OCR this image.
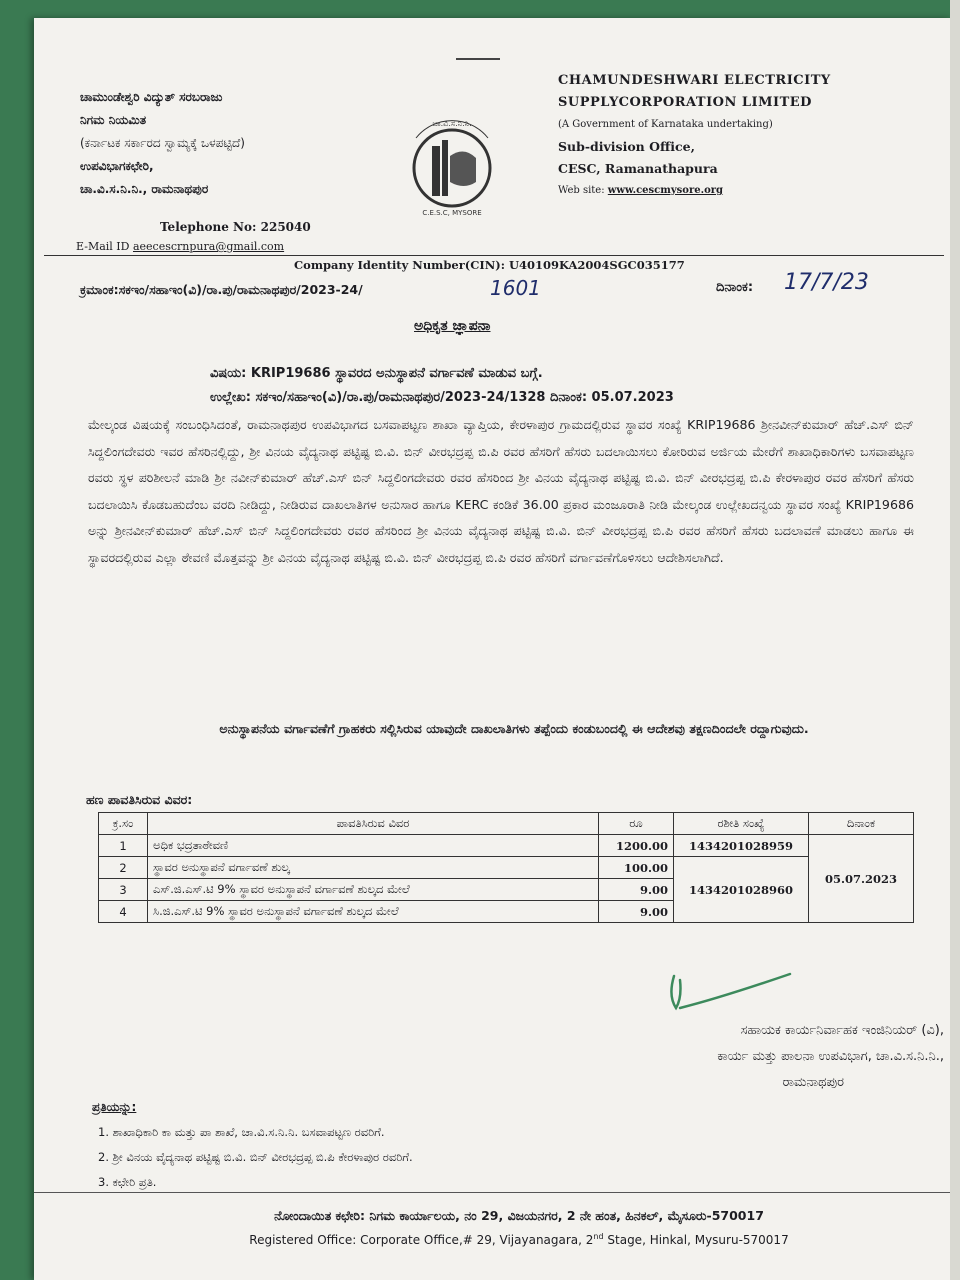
ಚಾಮುಂಡೇಶ್ವರಿ ವಿದ್ಯುತ್ ಸರಬರಾಜು
ನಿಗಮ ನಿಯಮಿತ
(ಕರ್ನಾಟಕ ಸರ್ಕಾರದ ಸ್ವಾಮ್ಯಕ್ಕೆ ಒಳಪಟ್ಟಿದೆ)
ಉಪವಿಭಾಗಕಛೇರಿ,
ಚಾ.ವಿ.ಸ.ನಿ.ನಿ., ರಾಮನಾಥಪುರ
ಚಾ.ವಿ.ಸ.ನಿ.ನಿ.
C.E.S.C, MYSORE
CHAMUNDESHWARI ELECTRICITY
SUPPLYCORPORATION LIMITED
(A Government of Karnataka undertaking)
Sub-division Office,
CESC, Ramanathapura
Web site: www.cescmysore.org
Telephone No: 225040
E-Mail ID aeecescrnpura@gmail.com
Company Identity Number(CIN): U40109KA2004SGC035177
ಕ್ರಮಾಂಕ:ಸಕಇಂ/ಸಹಾಇಂ(ವಿ)/ರಾ.ಪು/ರಾಮನಾಥಪುರ/2023-24/	1601	ದಿನಾಂಕ: 17/7/23
ಅಧಿಕೃತ ಜ್ಞಾಪನಾ
ವಿಷಯ: KRIP19686 ಸ್ಥಾವರದ ಅನುಸ್ಥಾಪನೆ ವರ್ಗಾವಣೆ ಮಾಡುವ ಬಗ್ಗೆ.
ಉಲ್ಲೇಖ: ಸಕಇಂ/ಸಹಾಇಂ(ವಿ)/ರಾ.ಪು/ರಾಮನಾಥಪುರ/2023-24/1328 ದಿನಾಂಕ: 05.07.2023
ಮೇಲ್ಕಂಡ ವಿಷಯಕ್ಕೆ ಸಂಬಂಧಿಸಿದಂತೆ, ರಾಮನಾಥಪುರ ಉಪವಿಭಾಗದ ಬಸವಾಪಟ್ಟಣ ಶಾಖಾ ವ್ಯಾಪ್ತಿಯ, ಕೇರಳಾಪುರ ಗ್ರಾಮದಲ್ಲಿರುವ ಸ್ಥಾವರ ಸಂಖ್ಯೆ KRIP19686 ಶ್ರೀನವೀನ್‌ಕುಮಾರ್ ಹೆಚ್.ಎಸ್ ಬಿನ್ ಸಿದ್ದಲಿಂಗದೇವರು ಇವರ ಹೆಸರಿನಲ್ಲಿದ್ದು, ಶ್ರೀ ವಿನಯ ವೈದ್ಯನಾಥ ಪಟ್ಟಿಷ್ಟ ಬಿ.ವಿ. ಬಿನ್ ವೀರಭದ್ರಪ್ಪ ಬಿ.ಪಿ ರವರ ಹೆಸರಿಗೆ ಹೆಸರು ಬದಲಾಯಿಸಲು ಕೋರಿರುವ ಅರ್ಜಿಯ ಮೇರೆಗೆ ಶಾಖಾಧಿಕಾರಿಗಳು ಬಸವಾಪಟ್ಟಣ ರವರು ಸ್ಥಳ ಪರಿಶೀಲನೆ ಮಾಡಿ ಶ್ರೀ ನವೀನ್‌ಕುಮಾರ್ ಹೆಚ್.ಎಸ್ ಬಿನ್ ಸಿದ್ದಲಿಂಗದೇವರು ರವರ ಹೆಸರಿಂದ ಶ್ರೀ ವಿನಯ ವೈದ್ಯನಾಥ ಪಟ್ಟಿಷ್ಟ ಬಿ.ವಿ. ಬಿನ್ ವೀರಭದ್ರಪ್ಪ ಬಿ.ಪಿ ಕೇರಳಾಪುರ ರವರ ಹೆಸರಿಗೆ ಹೆಸರು ಬದಲಾಯಿಸಿ ಕೊಡಬಹುದೆಂಬ ವರದಿ ನೀಡಿದ್ದು, ನೀಡಿರುವ ದಾಖಲಾತಿಗಳ ಅನುಸಾರ ಹಾಗೂ KERC ಕಂಡಿಕೆ 36.00 ಪ್ರಕಾರ ಮಂಜೂರಾತಿ ನೀಡಿ ಮೇಲ್ಕಂಡ ಉಲ್ಲೇಖದನ್ವಯ ಸ್ಥಾವರ ಸಂಖ್ಯೆ KRIP19686 ಅನ್ನು ಶ್ರೀನವೀನ್‌ಕುಮಾರ್ ಹೆಚ್.ಎಸ್ ಬಿನ್ ಸಿದ್ದಲಿಂಗದೇವರು ರವರ ಹೆಸರಿಂದ ಶ್ರೀ ವಿನಯ ವೈದ್ಯನಾಥ ಪಟ್ಟಿಷ್ಟ ಬಿ.ವಿ. ಬಿನ್ ವೀರಭದ್ರಪ್ಪ ಬಿ.ಪಿ ರವರ ಹೆಸರಿಗೆ ಹೆಸರು ಬದಲಾವಣೆ ಮಾಡಲು ಹಾಗೂ ಈ ಸ್ಥಾವರದಲ್ಲಿರುವ ಎಲ್ಲಾ ಠೇವಣಿ ಮೊತ್ತವನ್ನು ಶ್ರೀ ವಿನಯ ವೈದ್ಯನಾಥ ಪಟ್ಟಿಷ್ಟ ಬಿ.ವಿ. ಬಿನ್ ವೀರಭದ್ರಪ್ಪ ಬಿ.ಪಿ ರವರ ಹೆಸರಿಗೆ ವರ್ಗಾವಣೆಗೊಳಿಸಲು ಆದೇಶಿಸಲಾಗಿದೆ.
ಅನುಸ್ಥಾಪನೆಯ ವರ್ಗಾವಣೆಗೆ ಗ್ರಾಹಕರು ಸಲ್ಲಿಸಿರುವ ಯಾವುದೇ ದಾಖಲಾತಿಗಳು ತಪ್ಪೆಂದು ಕಂಡುಬಂದಲ್ಲಿ ಈ ಆದೇಶವು ತಕ್ಷಣದಿಂದಲೇ ರದ್ದಾಗುವುದು.
ಹಣ ಪಾವತಿಸಿರುವ ವಿವರ:
ಕ್ರ.ಸಂ	ಪಾವತಿಸಿರುವ ವಿವರ	ರೂ	ರಶೀತಿ ಸಂಖ್ಯೆ	ದಿನಾಂಕ
1	ಅಧಿಕ ಭದ್ರತಾಠೇವಣಿ	1200.00	1434201028959	05.07.2023
2	ಸ್ಥಾವರ ಅನುಸ್ಥಾಪನೆ ವರ್ಗಾವಣೆ ಶುಲ್ಕ	100.00	1434201028960	
3	ಎಸ್.ಜಿ.ಎಸ್.ಟಿ 9% ಸ್ಥಾವರ ಅನುಸ್ಥಾಪನೆ ವರ್ಗಾವಣೆ ಶುಲ್ಕದ ಮೇಲೆ	9.00		
4	ಸಿ.ಜಿ.ಎಸ್.ಟಿ 9% ಸ್ಥಾವರ ಅನುಸ್ಥಾಪನೆ ವರ್ಗಾವಣೆ ಶುಲ್ಕದ ಮೇಲೆ	9.00		
ಸಹಾಯಕ ಕಾರ್ಯನಿರ್ವಾಹಕ ಇಂಜಿನಿಯರ್ (ವಿ),
ಕಾರ್ಯ ಮತ್ತು ಪಾಲನಾ ಉಪವಿಭಾಗ, ಚಾ.ವಿ.ಸ.ನಿ.ನಿ.,
ರಾಮನಾಥಪುರ
ಪ್ರತಿಯನ್ನು:
1. ಶಾಖಾಧಿಕಾರಿ ಕಾ ಮತ್ತು ಪಾ ಶಾಖೆ, ಚಾ.ವಿ.ಸ.ನಿ.ನಿ. ಬಸವಾಪಟ್ಟಣ ರವರಿಗೆ.
2. ಶ್ರೀ ವಿನಯ ವೈದ್ಯನಾಥ ಪಟ್ಟಿಷ್ಟ ಬಿ.ವಿ. ಬಿನ್ ವೀರಭದ್ರಪ್ಪ ಬಿ.ಪಿ ಕೇರಳಾಪುರ ರವರಿಗೆ.
3. ಕಛೇರಿ ಪ್ರತಿ.
ನೋಂದಾಯಿತ ಕಛೇರಿ: ನಿಗಮ ಕಾರ್ಯಾಲಯ, ನಂ 29, ವಿಜಯನಗರ, 2 ನೇ ಹಂತ, ಹಿನಕಲ್, ಮೈಸೂರು-570017
Registered Office: Corporate Office,# 29, Vijayanagara, 2nd Stage, Hinkal, Mysuru-570017
